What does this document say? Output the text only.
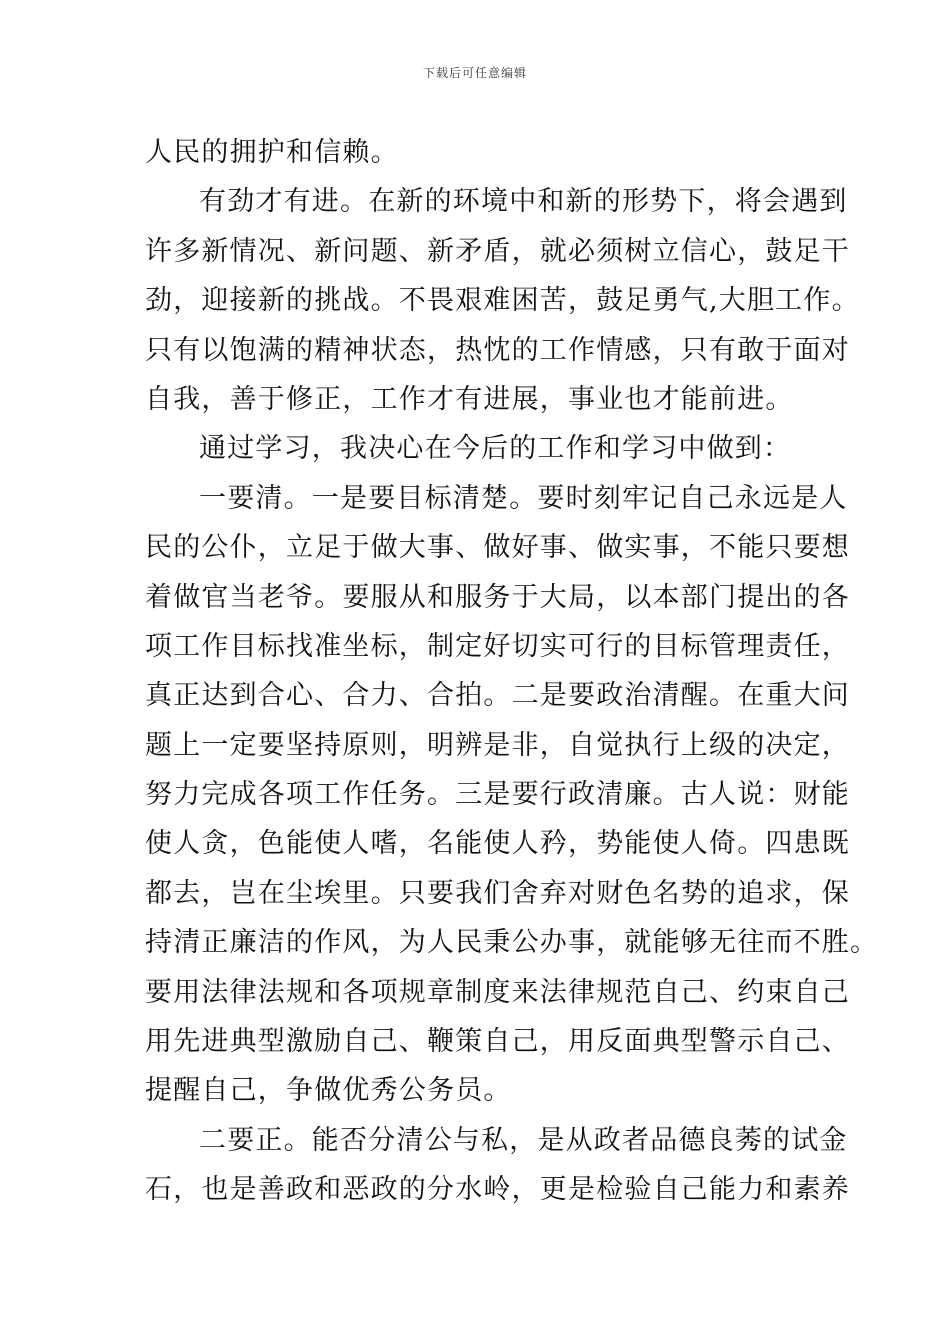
下载后可任意编辑
人民的拥护和信赖。
有劲才有进。在新的环境中和新的形势下，将会遇到
许多新情况、新问题、新矛盾，就必须树立信心，鼓足干
劲，迎接新的挑战。不畏艰难困苦，鼓足勇气,大胆工作。
只有以饱满的精神状态，热忱的工作情感，只有敢于面对
自我，善于修正，工作才有进展，事业也才能前进。
通过学习，我决心在今后的工作和学习中做到：
一要清。一是要目标清楚。要时刻牢记自己永远是人
民的公仆，立足于做大事、做好事、做实事，不能只要想
着做官当老爷。要服从和服务于大局，以本部门提出的各
项工作目标找准坐标，制定好切实可行的目标管理责任，
真正达到合心、合力、合拍。二是要政治清醒。在重大问
题上一定要坚持原则，明辨是非，自觉执行上级的决定，
努力完成各项工作任务。三是要行政清廉。古人说：财能
使人贪，色能使人嗜，名能使人矜，势能使人倚。四患既
都去，岂在尘埃里。只要我们舍弃对财色名势的追求，保
持清正廉洁的作风，为人民秉公办事，就能够无往而不胜。
要用法律法规和各项规章制度来法律规范自己、约束自己
用先进典型激励自己、鞭策自己，用反面典型警示自己、
提醒自己，争做优秀公务员。
二要正。能否分清公与私，是从政者品德良莠的试金
石，也是善政和恶政的分水岭，更是检验自己能力和素养
